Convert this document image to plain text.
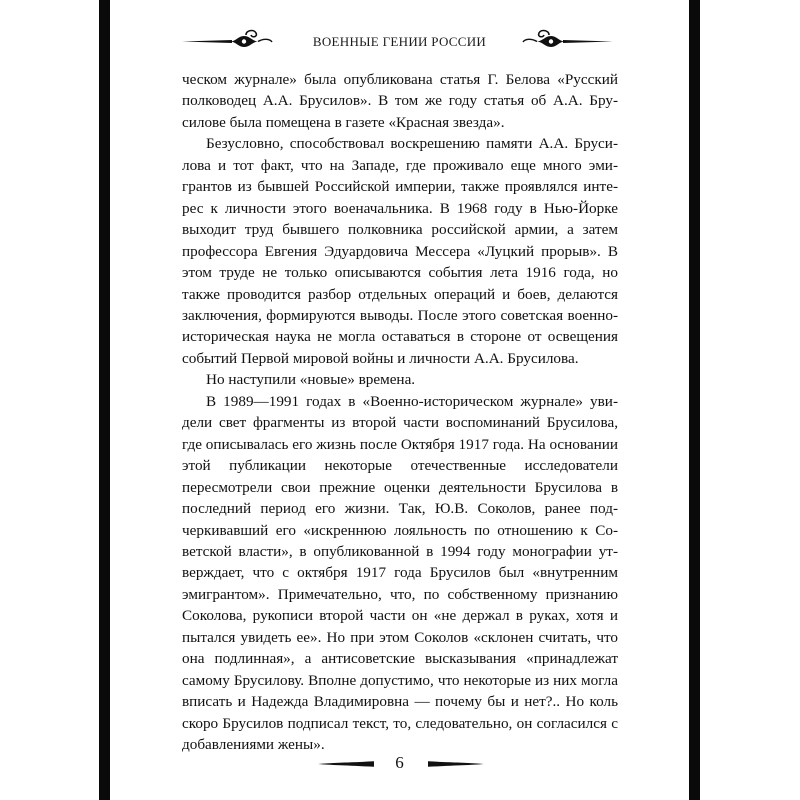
ВОЕННЫЕ ГЕНИИ РОССИИ

ческом журнале» была опубликована статья Г. Белова «Русский полководец А.А. Брусилов». В том же году статья об А.А. Брусилове была помещена в газете «Красная звезда».

Безусловно, способствовал воскрешению памяти А.А. Брусилова и тот факт, что на Западе, где проживало еще много эмигрантов из бывшей Российской империи, также проявлялся интерес к личности этого военачальника. В 1968 году в Нью-Йорке выходит труд бывшего полковника российской армии, а затем профессора Евгения Эдуардовича Мессера «Луцкий прорыв». В этом труде не только описываются события лета 1916 года, но также проводится разбор отдельных операций и боев, делаются заключения, формируются выводы. После этого советская военно-историческая наука не могла оставаться в стороне от освещения событий Первой мировой войны и личности А.А. Брусилова.

Но наступили «новые» времена.

В 1989—1991 годах в «Военно-историческом журнале» увидели свет фрагменты из второй части воспоминаний Брусилова, где описывалась его жизнь после Октября 1917 года. На основании этой публикации некоторые отечественные исследователи пересмотрели свои прежние оценки деятельности Брусилова в последний период его жизни. Так, Ю.В. Соколов, ранее подчеркивавший его «искреннюю лояльность по отношению к Советской власти», в опубликованной в 1994 году монографии утверждает, что с октября 1917 года Брусилов был «внутренним эмигрантом». Примечательно, что, по собственному признанию Соколова, рукописи второй части он «не держал в руках, хотя и пытался увидеть ее». Но при этом Соколов «склонен считать, что она подлинная», а антисоветские высказывания «принадлежат самому Брусилову. Вполне допустимо, что некоторые из них могла вписать и Надежда Владимировна — почему бы и нет?.. Но коль скоро Брусилов подписал текст, то, следовательно, он согласился с добавлениями жены».

6
